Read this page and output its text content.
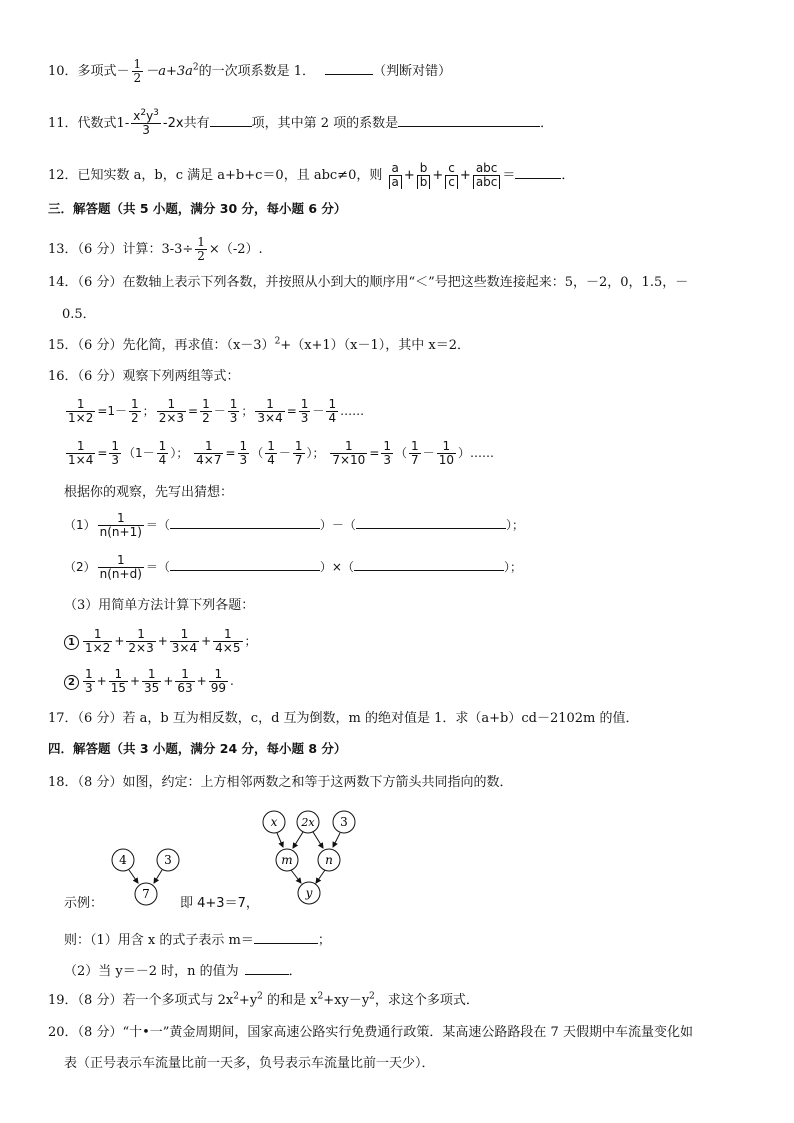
10．多项式－ $\frac{1}{2} -a+3a^2$的一次项系数是 1．	（判断对错）
11．代数式$1- \frac{x^2y^3}{3} -2x$共有	项，其中第 2 项的系数是	．
12．已知实数 a，b，c 满足 a+b+c＝0，且 abc≠0，则 $\frac{a}{a} + \frac{b}{b} + \frac{c}{c} + \frac{\text{abc}}{\text{abc}}$ ＝	．
三．解答题（共 5 小题，满分 30 分，每小题 6 分）
13．（6 分）计算：$3-3\div \frac{1}{2} \times(-2)$.
14．（6 分）在数轴上表示下列各数，并按照从小到大的顺序用“＜”号把这些数连接起来：5，－2，0，1.5，－
0.5．
15．（6 分）先化简，再求值：$(x-3)^2+(x+1)(x-1)$，其中 x＝2．
16．（6 分）观察下列两组等式：
$\frac{1}{1\times 2} =1- \frac{1}{2}$ ； $\frac{1}{2\times 3} = \frac{1}{2} - \frac{1}{3}$ ； $\frac{1}{3\times 4} = \frac{1}{3} - \frac{1}{4}$ ……
$\frac{1}{1\times 4} = \frac{1}{3} (1- \frac{1}{4}$ ）； $\frac{1}{4\times 7} = \frac{1}{3}$ （ $\frac{1}{4} - \frac{1}{7}$ ）； $\frac{1}{7\times 10} = \frac{1}{3}$ （ $\frac{1}{7} - \frac{1}{10}$ ）……
根据你的观察，先写出猜想：
$(1) \frac{1}{n(n+1)}$ ＝（	）－（	）；
$(2) \frac{1}{n(n+d)}$ ＝（	）×（	）；
（3）用简单方法计算下列各题：
$1 \frac{1}{1\times 2} + \frac{1}{2\times 3} + \frac{1}{3\times 4} + \frac{1}{4\times 5}$ ；
$2 \frac{1}{3} + \frac{1}{15} + \frac{1}{35} + \frac{1}{63} + \frac{1}{99}$ .
17．（6 分）若 a，b 互为相反数，c，d 互为倒数，m 的绝对值是 1．求（a+b）cd－2102m 的值．
四．解答题（共 3 小题，满分 24 分，每小题 8 分）
18．（8 分）如图，约定：上方相邻两数之和等于这两数下方箭头共同指向的数．
4	3
7
示例：	即 4+3＝7，
x 2x 3
m	n
y
则：（1）用含 x 的式子表示 m＝	；
（2）当 y＝－2 时，n 的值为	．
19．（8 分）若一个多项式与 $2x^2+y^2$ 的和是 $x^2+xy-y^2$，求这个多项式．
20．（8 分）“十•一”黄金周期间，国家高速公路实行免费通行政策．某高速公路路段在 7 天假期中车流量变化如
表（正号表示车流量比前一天多，负号表示车流量比前一天少）．
